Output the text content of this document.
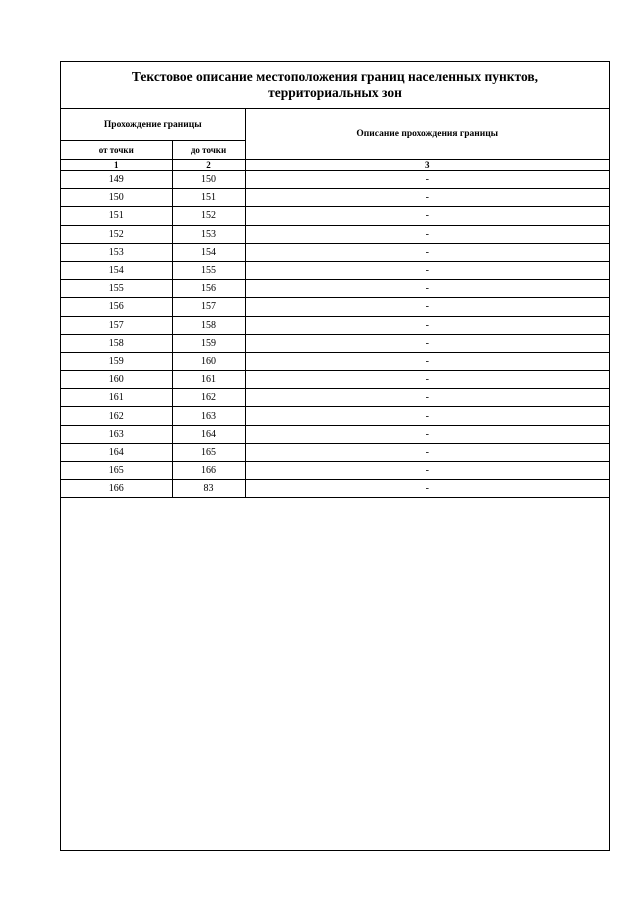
Текстовое описание местоположения границ населенных пунктов, территориальных зон
Прохождение границы		Описание прохождения границы
от точки	до точки	
1	2	3
149	150	-
150	151	-
151	152	-
152	153	-
153	154	-
154	155	-
155	156	-
156	157	-
157	158	-
158	159	-
159	160	-
160	161	-
161	162	-
162	163	-
163	164	-
164	165	-
165	166	-
166	83	-
